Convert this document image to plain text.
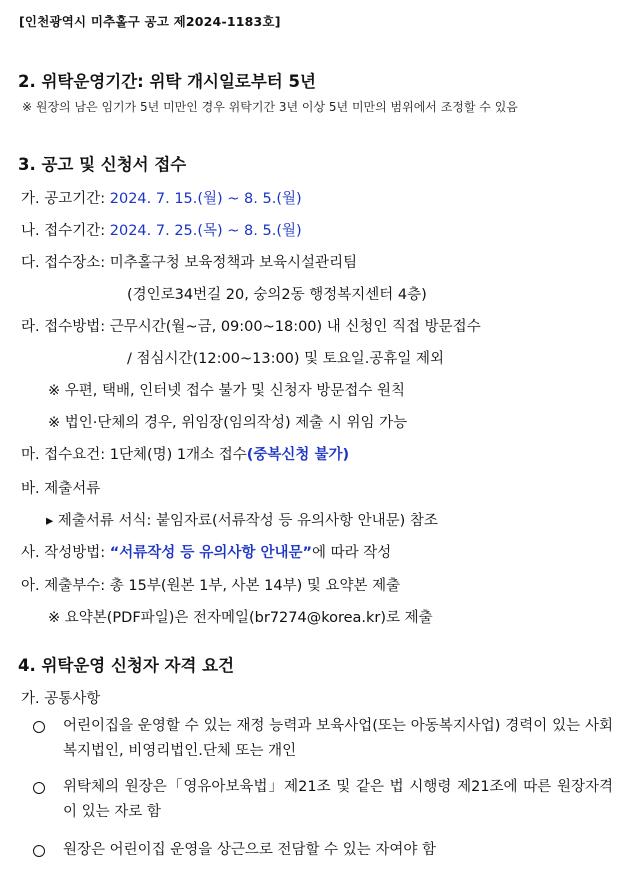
[인천광역시 미추홀구 공고 제2024-1183호]
2. 위탁운영기간: 위탁 개시일로부터 5년
※ 원장의 남은 임기가 5년 미만인 경우 위탁기간 3년 이상 5년 미만의 범위에서 조정할 수 있음
3. 공고 및 신청서 접수
가. 공고기간: 2024. 7. 15.(월) ~ 8. 5.(월)
나. 접수기간: 2024. 7. 25.(목) ~ 8. 5.(월)
다. 접수장소: 미추홀구청 보육정책과 보육시설관리팀
(경인로34번길 20, 숭의2동 행정복지센터 4층)
라. 접수방법: 근무시간(월~금, 09:00~18:00) 내 신청인 직접 방문접수
/ 점심시간(12:00~13:00) 및 토요일.공휴일 제외
※ 우편, 택배, 인터넷 접수 불가 및 신청자 방문접수 원칙
※ 법인·단체의 경우, 위임장(임의작성) 제출 시 위임 가능
마. 접수요건: 1단체(명) 1개소 접수(중복신청 불가)
바. 제출서류
▸ 제출서류 서식: 붙임자료(서류작성 등 유의사항 안내문) 참조
사. 작성방법: “서류작성 등 유의사항 안내문”에 따라 작성
아. 제출부수: 총 15부(원본 1부, 사본 14부) 및 요약본 제출
※ 요약본(PDF파일)은 전자메일(br7274@korea.kr)로 제출
4. 위탁운영 신청자 자격 요건
가. 공통사항
어린이집을 운영할 수 있는 재정 능력과 보육사업(또는 아동복지사업) 경력이 있는 사회복지법인, 비영리법인.단체 또는 개인
위탁체의 원장은「영유아보육법」제21조 및 같은 법 시행령 제21조에 따른 원장자격이 있는 자로 함
원장은 어린이집 운영을 상근으로 전담할 수 있는 자여야 함
